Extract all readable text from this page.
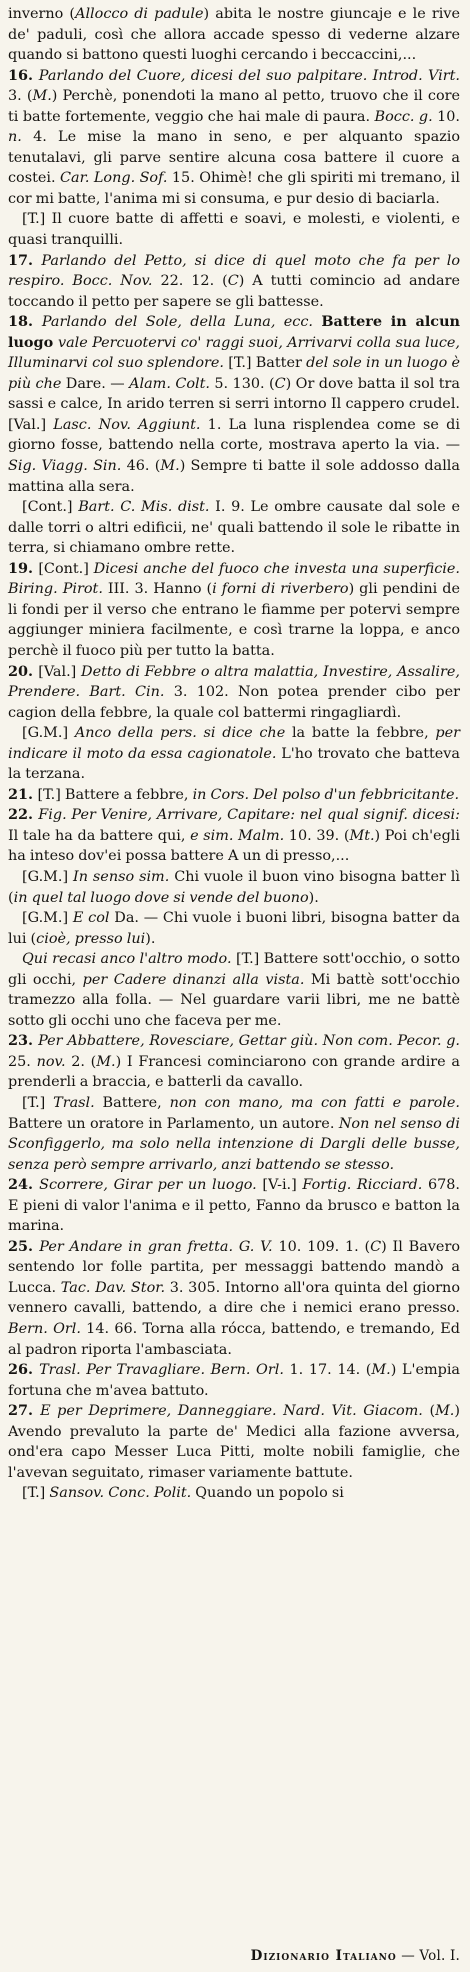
inverno (Allocco di padule) abita le nostre giuncaje e le rive de' paduli, così che allora accade spesso di vederne alzare quando si battono questi luoghi cercando i beccaccini,...

16. Parlando del Cuore, dicesi del suo palpitare. Introd. Virt. 3. (M.) Perchè, ponendoti la mano al petto, truovo che il core ti batte fortemente, veggio che hai male di paura. Bocc. g. 10. n. 4. Le mise la mano in seno, e per alquanto spazio tenutalavi, gli parve sentire alcuna cosa battere il cuore a costei. Car. Long. Sof. 15. Ohimè! che gli spiriti mi tremano, il cor mi batte, l'anima mi si consuma, e pur desio di baciarla.

[T.] Il cuore batte di affetti e soavi, e molesti, e violenti, e quasi tranquilli.

17. Parlando del Petto, si dice di quel moto che fa per lo respiro. Bocc. Nov. 22. 12. (C) A tutti comincio ad andare toccando il petto per sapere se gli battesse.

18. Parlando del Sole, della Luna, ecc. Battere in alcun luogo vale Percuotervi co' raggi suoi, Arrivarvi colla sua luce, Illuminarvi col suo splendore. [T.] Batter del sole in un luogo è più che Dare. — Alam. Colt. 5. 130. (C) Or dove batta il sol tra sassi e calce, In arido terren si serri intorno Il cappero crudel. [Val.] Lasc. Nov. Aggiunt. 1. La luna risplendea come se di giorno fosse, battendo nella corte, mostrava aperto la via. — Sig. Viagg. Sin. 46. (M.) Sempre ti batte il sole addosso dalla mattina alla sera.

[Cont.] Bart. C. Mis. dist. I. 9. Le ombre causate dal sole e dalle torri o altri edificii, ne' quali battendo il sole le ribatte in terra, si chiamano ombre rette.

19. [Cont.] Dicesi anche del fuoco che investa una superficie. Biring. Pirot. III. 3. Hanno (i forni di riverbero) gli pendini de li fondi per il verso che entrano le fiamme per potervi sempre aggiunger miniera facilmente, e così trarne la loppa, e anco perchè il fuoco più per tutto la batta.

20. [Val.] Detto di Febbre o altra malattia, Investire, Assalire, Prendere. Bart. Cin. 3. 102. Non potea prender cibo per cagion della febbre, la quale col battermi ringagliardì.

[G.M.] Anco della pers. si dice che la batte la febbre, per indicare il moto da essa cagionatole. L'ho trovato che batteva la terzana.

21. [T.] Battere a febbre, in Cors. Del polso d'un febbricitante.

22. Fig. Per Venire, Arrivare, Capitare: nel qual signif. dicesi: Il tale ha da battere qui, e sim. Malm. 10. 39. (Mt.) Poi ch'egli ha inteso dov'ei possa battere A un di presso,...

[G.M.] In senso sim. Chi vuole il buon vino bisogna batter lì (in quel tal luogo dove si vende del buono).

[G.M.] E col Da. — Chi vuole i buoni libri, bisogna batter da lui (cioè, presso lui).

Qui recasi anco l'altro modo. [T.] Battere sott'occhio, o sotto gli occhi, per Cadere dinanzi alla vista. Mi battè sott'occhio tramezzo alla folla. — Nel guardare varii libri, me ne battè sotto gli occhi uno che faceva per me.

23. Per Abbattere, Rovesciare, Gettar giù. Non com. Pecor. g. 25. nov. 2. (M.) I Francesi cominciarono con grande ardire a prenderli a braccia, e batterli da cavallo.

[T.] Trasl. Battere, non con mano, ma con fatti e parole. Battere un oratore in Parlamento, un autore. Non nel senso di Sconfiggerlo, ma solo nella intenzione di Dargli delle busse, senza però sempre arrivarlo, anzi battendo se stesso.

24. Scorrere, Girar per un luogo. [V-i.] Fortig. Ricciard. 678. E pieni di valor l'anima e il petto, Fanno da brusco e batton la marina.

25. Per Andare in gran fretta. G. V. 10. 109. 1. (C) Il Bavero sentendo lor folle partita, per messaggi battendo mandò a Lucca. Tac. Dav. Stor. 3. 305. Intorno all'ora quinta del giorno vennero cavalli, battendo, a dire che i nemici erano presso. Bern. Orl. 14. 66. Torna alla rócca, battendo, e tremando, Ed al padron riporta l'ambasciata.

26. Trasl. Per Travagliare. Bern. Orl. 1. 17. 14. (M.) L'empia fortuna che m'avea battuto.

27. E per Deprimere, Danneggiare. Nard. Vit. Giacom. (M.) Avendo prevaluto la parte de' Medici alla fazione avversa, ond'era capo Messer Luca Pitti, molte nobili famiglie, che l'avevan seguitato, rimaser variamente battute.

[T.] Sansov. Conc. Polit. Quando un popolo si

Dizionario Italiano — Vol. I.
